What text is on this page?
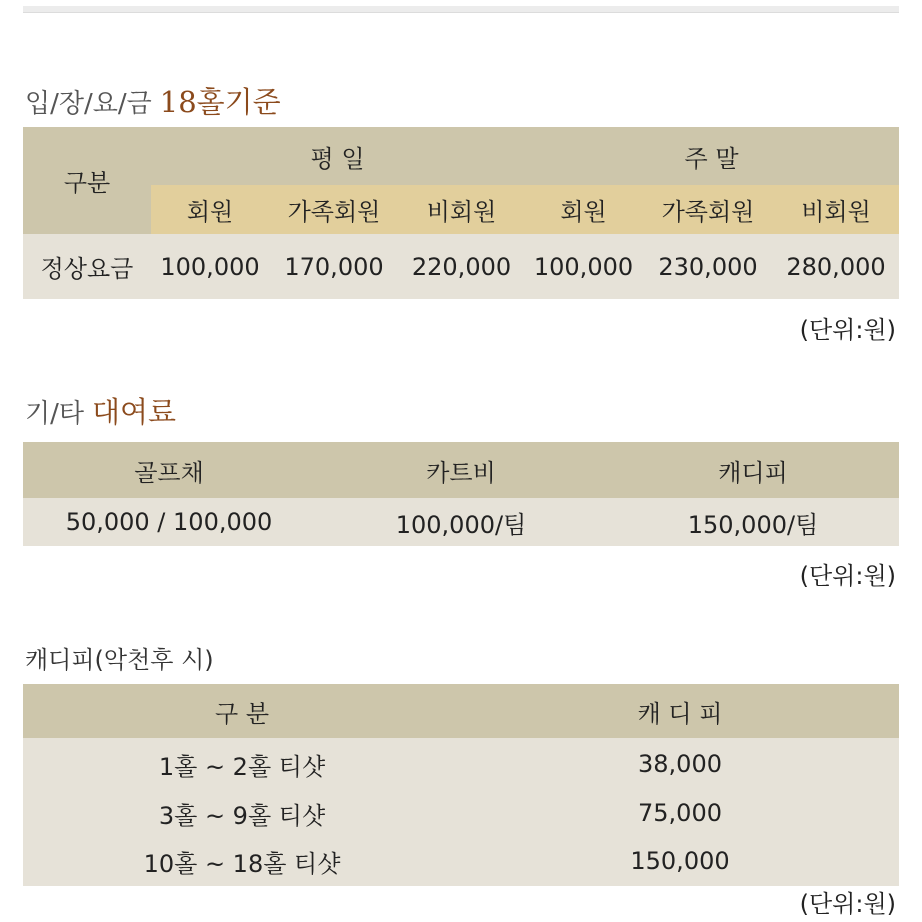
입/장/요/금 18홀기준
구분	평 일			주 말		
	회원	가족회원	비회원	회원	가족회원	비회원
정상요금	100,000	170,000	220,000	100,000	230,000	280,000
(단위:원)
기/타 대여료
골프채	카트비	캐디피
50,000 / 100,000	100,000/팀	150,000/팀
(단위:원)
캐디피(악천후 시)
구 분	캐 디 피
1홀 ~ 2홀 티샷	38,000
3홀 ~ 9홀 티샷	75,000
10홀 ~ 18홀 티샷	150,000
(단위:원)
